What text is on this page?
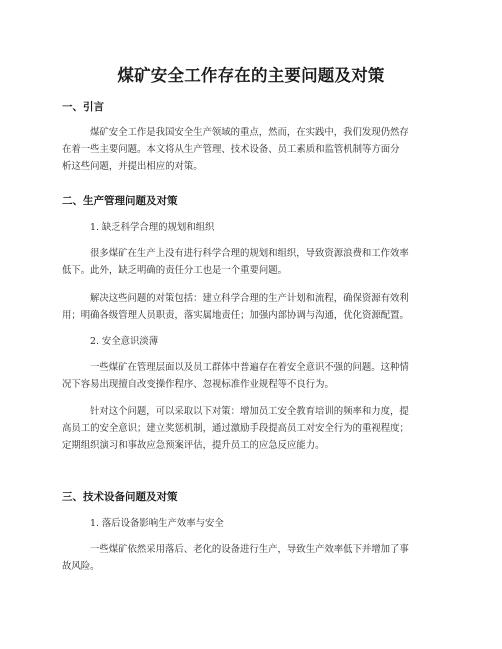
煤矿安全工作存在的主要问题及对策
一、引言

煤矿安全工作是我国安全生产领域的重点，然而，在实践中，我们发现仍然存
在着一些主要问题。本文将从生产管理、技术设备、员工素质和监管机制等方面分
析这些问题，并提出相应的对策。

二、生产管理问题及对策

1. 缺乏科学合理的规划和组织

很多煤矿在生产上没有进行科学合理的规划和组织，导致资源浪费和工作效率
低下。此外，缺乏明确的责任分工也是一个重要问题。

解决这些问题的对策包括：建立科学合理的生产计划和流程，确保资源有效利
用；明确各级管理人员职责，落实属地责任；加强内部协调与沟通，优化资源配置。

2. 安全意识淡薄

一些煤矿在管理层面以及员工群体中普遍存在着安全意识不强的问题。这种情
况下容易出现擅自改变操作程序、忽视标准作业规程等不良行为。

针对这个问题，可以采取以下对策：增加员工安全教育培训的频率和力度，提
高员工的安全意识；建立奖惩机制，通过激励手段提高员工对安全行为的重视程度；
定期组织演习和事故应急预案评估，提升员工的应急反应能力。

三、技术设备问题及对策

1. 落后设备影响生产效率与安全

一些煤矿依然采用落后、老化的设备进行生产，导致生产效率低下并增加了事
故风险。
